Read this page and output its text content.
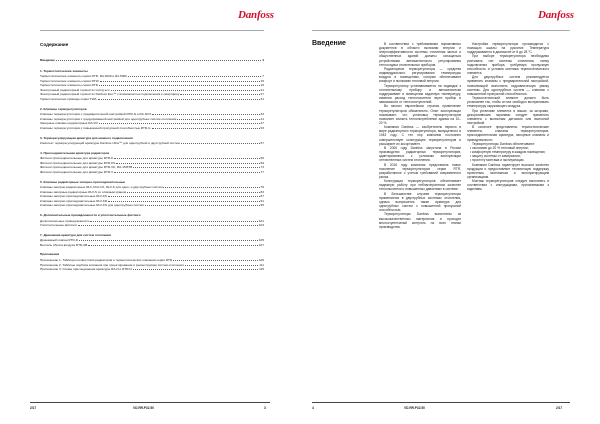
Danfoss
Содержание
Введение	4
1. Термостатические элементы
Термостатические элементы серии RTR, RA 2000 и RA 5000	7
Термостатические элементы серии RTW	15
Термостатические элементы серии RTD	19
Электронный радиаторный термостат Living eco	21
Электронный радиаторный термостат Danfoss Eco™ с возможностью подключения к смартфону	27
Термостатические приводы серии TWA	31
2. Клапаны терморегуляторов
Клапаны терморегуляторов с предварительной настройкой RTR-N и RA-NCX	33
Клапаны терморегуляторов с градуированной настройкой для однотрубных систем отопления	41
Запорные клапаны радиаторные RA-DV	47
Клапаны терморегуляторов с повышенной пропускной способностью RTR-G	53
3. Терморегулирующая арматура для нижнего подключения
Комплект терморегулирующей арматуры Danfoss Ultra™ для однотрубной и двухтрубной систем	57
4. Присоединительная арматура радиаторов
Фитинги присоединительные для арматуры RTR-K	65
Фитинги присоединительные для арматуры RTR-KS	69
Фитинги присоединительные для арматуры RTR-VK, RA-15/6TB	73
Фитинги присоединительные для арматуры RTR-V	77
5. Клапаны радиаторные запорно-присоединительные
Клапаны запорно-радиаторные RLV, RLV-CX, RLV-K для одно- и двухтрубных систем	79
Клапаны запорные радиаторные RLV-S со сливным краном	83
Клапаны запорно-присоединительные RLV-KS	87
Клапаны запорно-присоединительные RLV-KD	91
Клапаны запорно-присоединительные RLV-KS для однотрубных систем	95
6. Дополнительные принадлежности и уплотнительные фитинги
Дополнительные принадлежности	101
Уплотнительные фитинги	103
7. Дренажная арматура для систем отопления
Дренажный клапан RTD-D	105
Вентиль сброса воздуха RTD-AB	107
Приложения
Приложение 1. Таблица соответствия радиаторов и термостатических клапанов серии RTR	109
Приложение 2. Таблицы подбора клапанов при проектировании и реконструкции систем отопления	111
Приложение 3. Схемы присоединения арматуры RA-N и RTR-N	115
2/17	VD.RR.P32.50	3
Danfoss
4	VD.RR.P32.50	2/17
Введение	В соответствии с требованиями нормативных документов в области экономии энергии и энергоэффективности системы отопления жилых и общественных зданий должны оснащаться устройствами автоматического регулирования теплоотдачи отопительных приборов.

Радиаторные терморегуляторы — средства индивидуального регулирования температуры воздуха в помещениях, которые обеспечивают комфорт и экономию тепловой энергии.

Терморегулятор устанавливается на подводке к отопительному прибору и автоматически поддерживает в помещении заданную температуру, изменяя расход теплоносителя через прибор в зависимости от теплопоступлений.

Во многих европейских странах применение терморегуляторов обязательно. Опыт эксплуатации показывает, что установка терморегуляторов позволяет снизить теплопотребление здания на 10–20 %.

Компания Danfoss — изобретатель первого в мире радиаторного терморегулятора, выпущенного в 1943 году. С тех пор компания постоянно совершенствует конструкцию терморегуляторов и расширяет их ассортимент.

В 2006 году Danfoss запустила в России производство радиаторных терморегуляторов, адаптированных к условиям эксплуатации отечественных систем отопления.

В 2016 году компания представила новое поколение терморегуляторов серии RTR, разработанное с учетом требований современного рынка.

Конструкция терморегуляторов обеспечивает надежную работу при неблагоприятном качестве теплоносителя и повышенных давлениях в системе.

В большинстве случаев терморегуляторы применяются в двухтрубных системах отопления, однако выпускается также арматура для однотрубных систем с повышенной пропускной способностью.

Терморегуляторы Danfoss выполнены из высококачественных материалов и проходят многоступенчатый контроль на всех этапах производства.

Настройка терморегулятора производится с помощью шкалы на рукоятке. Температура поддерживается в диапазоне от 6 до 28 °C.

При выборе терморегулятора необходимо учитывать тип системы отопления, схему подключения прибора, требуемую пропускную способность и условия монтажа термостатического элемента.

Для двухтрубных систем рекомендуется применять клапаны с предварительной настройкой, позволяющей выполнить гидравлическую увязку системы. Для однотрубных систем — клапаны с повышенной пропускной способностью.

Термостатический элемент должен быть установлен так, чтобы он мог свободно воспринимать температуру окружающего воздуха.

При установке элемента в нишах, за шторами, декоративными экранами следует применять элементы с выносным датчиком или выносной настройкой.

В каталоге представлены термостатические элементы, клапаны терморегуляторов, присоединительная арматура, запорные клапаны и принадлежности.

Терморегуляторы Danfoss обеспечивают:

• экономию до 20 % тепловой энергии;

• комфортную температуру в каждом помещении;

• защиту системы от замерзания;

• простоту монтажа и эксплуатации.

Компания Danfoss гарантирует высокое качество продукции и предоставляет техническую поддержку проектным, монтажным и эксплуатирующим организациям.

Монтаж терморегуляторов следует выполнять в соответствии с инструкциями, прилагаемыми к изделиям.
